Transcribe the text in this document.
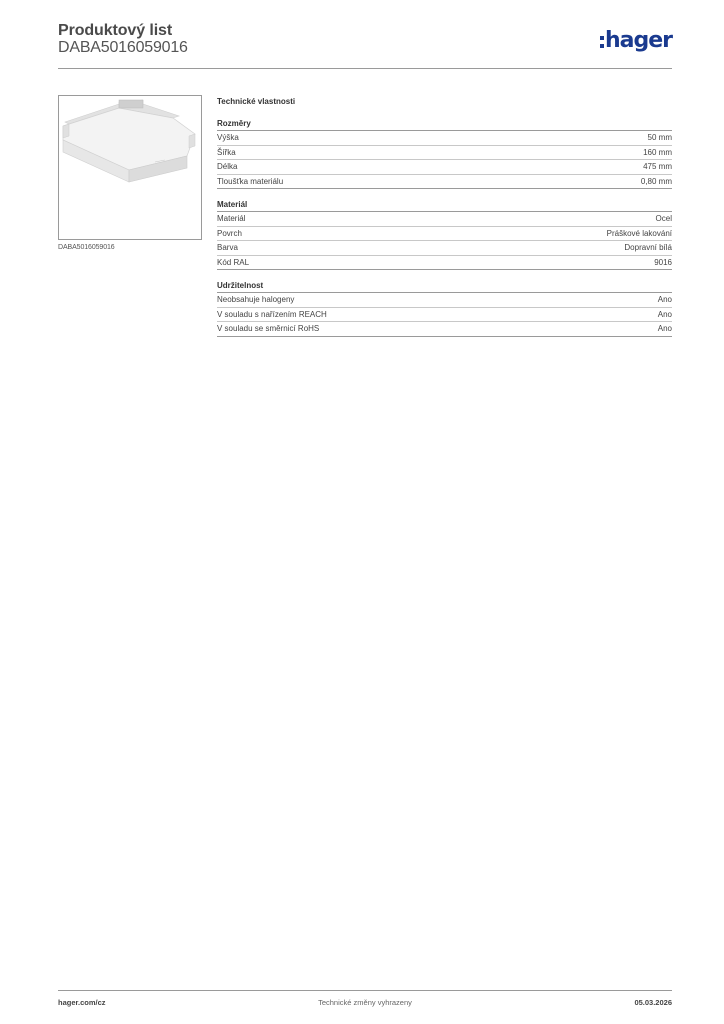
Produktový list
DABA5016059016	hager
DABA5016059016
Technické vlastnosti
Rozměry
Výška	50 mm
Šířka	160 mm
Délka	475 mm
Tloušťka materiálu	0,80 mm
Materiál
Materiál	Ocel
Povrch	Práškové lakování
Barva	Dopravní bílá
Kód RAL	9016
Udržitelnost
Neobsahuje halogeny	Ano
V souladu s nařízením REACH	Ano
V souladu se směrnicí RoHS	Ano
hager.com/cz	Technické změny vyhrazeny	05.03.2026
